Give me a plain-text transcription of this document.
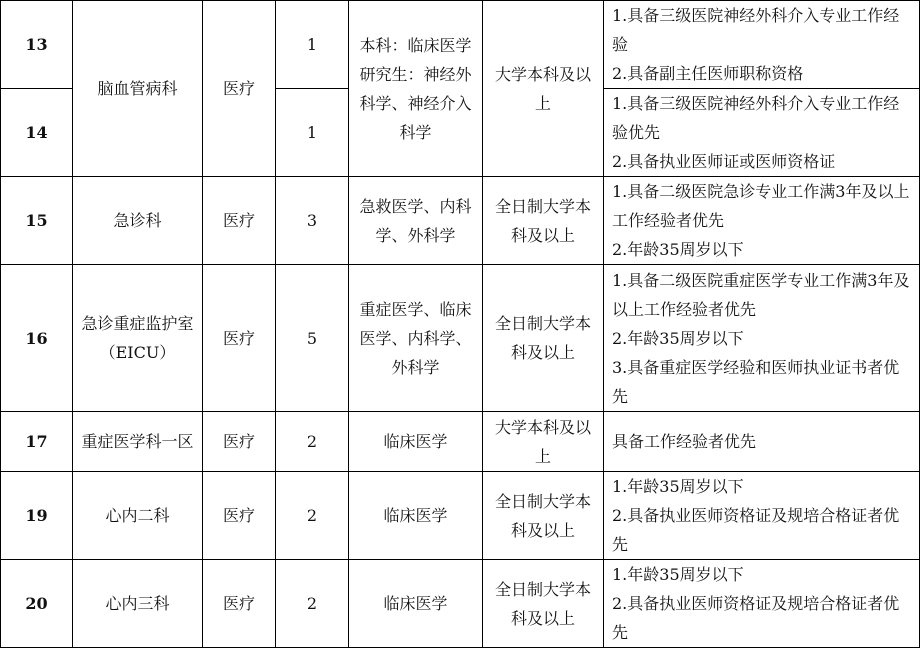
13	脑血管病科	医疗	1	本科：临床医学
研究生：神经外科学、神经介入科学	大学本科及以上	1.具备三级医院神经外科介入专业工作经验
2.具备副主任医师职称资格

14			1			1.具备三级医院神经外科介入专业工作经验优先
2.具备执业医师证或医师资格证

15	急诊科	医疗	3	急救医学、内科学、外科学	全日制大学本科及以上	1.具备二级医院急诊专业工作满3年及以上工作经验者优先
2.年龄35周岁以下

16	急诊重症监护室（EICU）	医疗	5	重症医学、临床医学、内科学、外科学	全日制大学本科及以上	1.具备二级医院重症医学专业工作满3年及以上工作经验者优先
2.年龄35周岁以下
3.具备重症医学经验和医师执业证书者优先

17	重症医学科一区	医疗	2	临床医学	大学本科及以上	具备工作经验者优先

19	心内二科	医疗	2	临床医学	全日制大学本科及以上	1.年龄35周岁以下
2.具备执业医师资格证及规培合格证者优先

20	心内三科	医疗	2	临床医学	全日制大学本科及以上	1.年龄35周岁以下
2.具备执业医师资格证及规培合格证者优先
